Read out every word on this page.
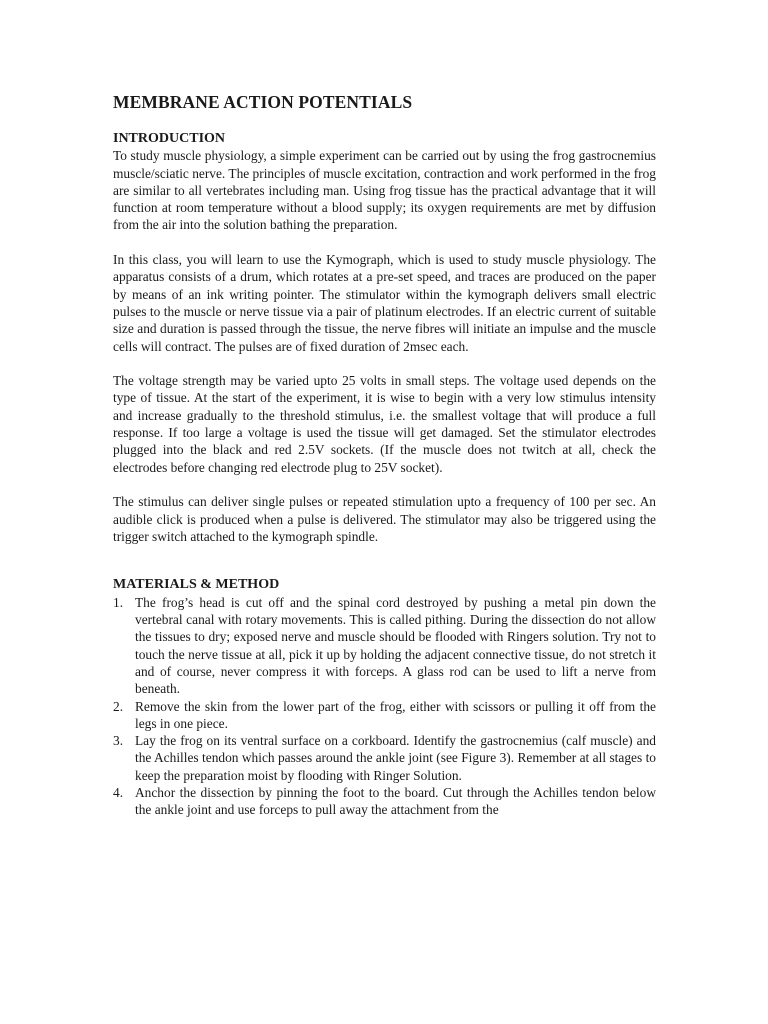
MEMBRANE ACTION POTENTIALS
INTRODUCTION

To study muscle physiology, a simple experiment can be carried out by using the frog gastrocnemius muscle/sciatic nerve. The principles of muscle excitation, contraction and work performed in the frog are similar to all vertebrates including man. Using frog tissue has the practical advantage that it will function at room temperature without a blood supply; its oxygen requirements are met by diffusion from the air into the solution bathing the preparation.

In this class, you will learn to use the Kymograph, which is used to study muscle physiology. The apparatus consists of a drum, which rotates at a pre-set speed, and traces are produced on the paper by means of an ink writing pointer. The stimulator within the kymograph delivers small electric pulses to the muscle or nerve tissue via a pair of platinum electrodes. If an electric current of suitable size and duration is passed through the tissue, the nerve fibres will initiate an impulse and the muscle cells will contract. The pulses are of fixed duration of 2msec each.

The voltage strength may be varied upto 25 volts in small steps. The voltage used depends on the type of tissue. At the start of the experiment, it is wise to begin with a very low stimulus intensity and increase gradually to the threshold stimulus, i.e. the smallest voltage that will produce a full response. If too large a voltage is used the tissue will get damaged. Set the stimulator electrodes plugged into the black and red 2.5V sockets. (If the muscle does not twitch at all, check the electrodes before changing red electrode plug to 25V socket).

The stimulus can deliver single pulses or repeated stimulation upto a frequency of 100 per sec. An audible click is produced when a pulse is delivered. The stimulator may also be triggered using the trigger switch attached to the kymograph spindle.

MATERIALS & METHOD
1. The frog’s head is cut off and the spinal cord destroyed by pushing a metal pin down the vertebral canal with rotary movements. This is called pithing. During the dissection do not allow the tissues to dry; exposed nerve and muscle should be flooded with Ringers solution. Try not to touch the nerve tissue at all, pick it up by holding the adjacent connective tissue, do not stretch it and of course, never compress it with forceps. A glass rod can be used to lift a nerve from beneath.
2. Remove the skin from the lower part of the frog, either with scissors or pulling it off from the legs in one piece.
3. Lay the frog on its ventral surface on a corkboard. Identify the gastrocnemius (calf muscle) and the Achilles tendon which passes around the ankle joint (see Figure 3). Remember at all stages to keep the preparation moist by flooding with Ringer Solution.
4. Anchor the dissection by pinning the foot to the board. Cut through the Achilles tendon below the ankle joint and use forceps to pull away the attachment from the
